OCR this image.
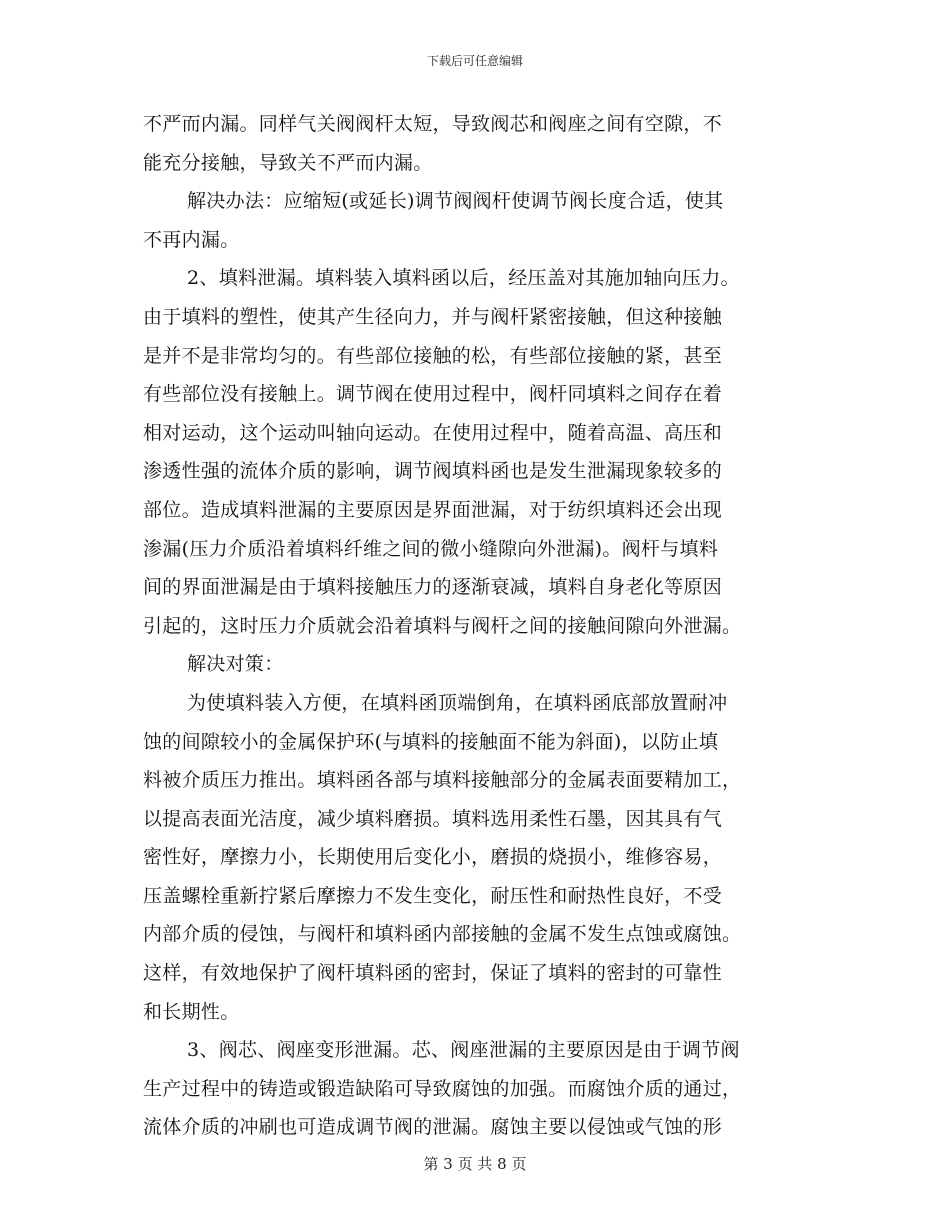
下载后可任意编辑
不严而内漏。同样气关阀阀杆太短，导致阀芯和阀座之间有空隙，不
能充分接触，导致关不严而内漏。
解决办法：应缩短(或延长)调节阀阀杆使调节阀长度合适，使其
不再内漏。
2、填料泄漏。填料装入填料函以后，经压盖对其施加轴向压力。
由于填料的塑性，使其产生径向力，并与阀杆紧密接触，但这种接触
是并不是非常均匀的。有些部位接触的松，有些部位接触的紧，甚至
有些部位没有接触上。调节阀在使用过程中，阀杆同填料之间存在着
相对运动，这个运动叫轴向运动。在使用过程中，随着高温、高压和
渗透性强的流体介质的影响，调节阀填料函也是发生泄漏现象较多的
部位。造成填料泄漏的主要原因是界面泄漏，对于纺织填料还会出现
渗漏(压力介质沿着填料纤维之间的微小缝隙向外泄漏)。阀杆与填料
间的界面泄漏是由于填料接触压力的逐渐衰减，填料自身老化等原因
引起的，这时压力介质就会沿着填料与阀杆之间的接触间隙向外泄漏。
解决对策：
为使填料装入方便，在填料函顶端倒角，在填料函底部放置耐冲
蚀的间隙较小的金属保护环(与填料的接触面不能为斜面)，以防止填
料被介质压力推出。填料函各部与填料接触部分的金属表面要精加工，
以提高表面光洁度，减少填料磨损。填料选用柔性石墨，因其具有气
密性好，摩擦力小，长期使用后变化小，磨损的烧损小，维修容易，
压盖螺栓重新拧紧后摩擦力不发生变化，耐压性和耐热性良好，不受
内部介质的侵蚀，与阀杆和填料函内部接触的金属不发生点蚀或腐蚀。
这样，有效地保护了阀杆填料函的密封，保证了填料的密封的可靠性
和长期性。
3、阀芯、阀座变形泄漏。芯、阀座泄漏的主要原因是由于调节阀
生产过程中的铸造或锻造缺陷可导致腐蚀的加强。而腐蚀介质的通过，
流体介质的冲刷也可造成调节阀的泄漏。腐蚀主要以侵蚀或气蚀的形
第 3 页 共 8 页
